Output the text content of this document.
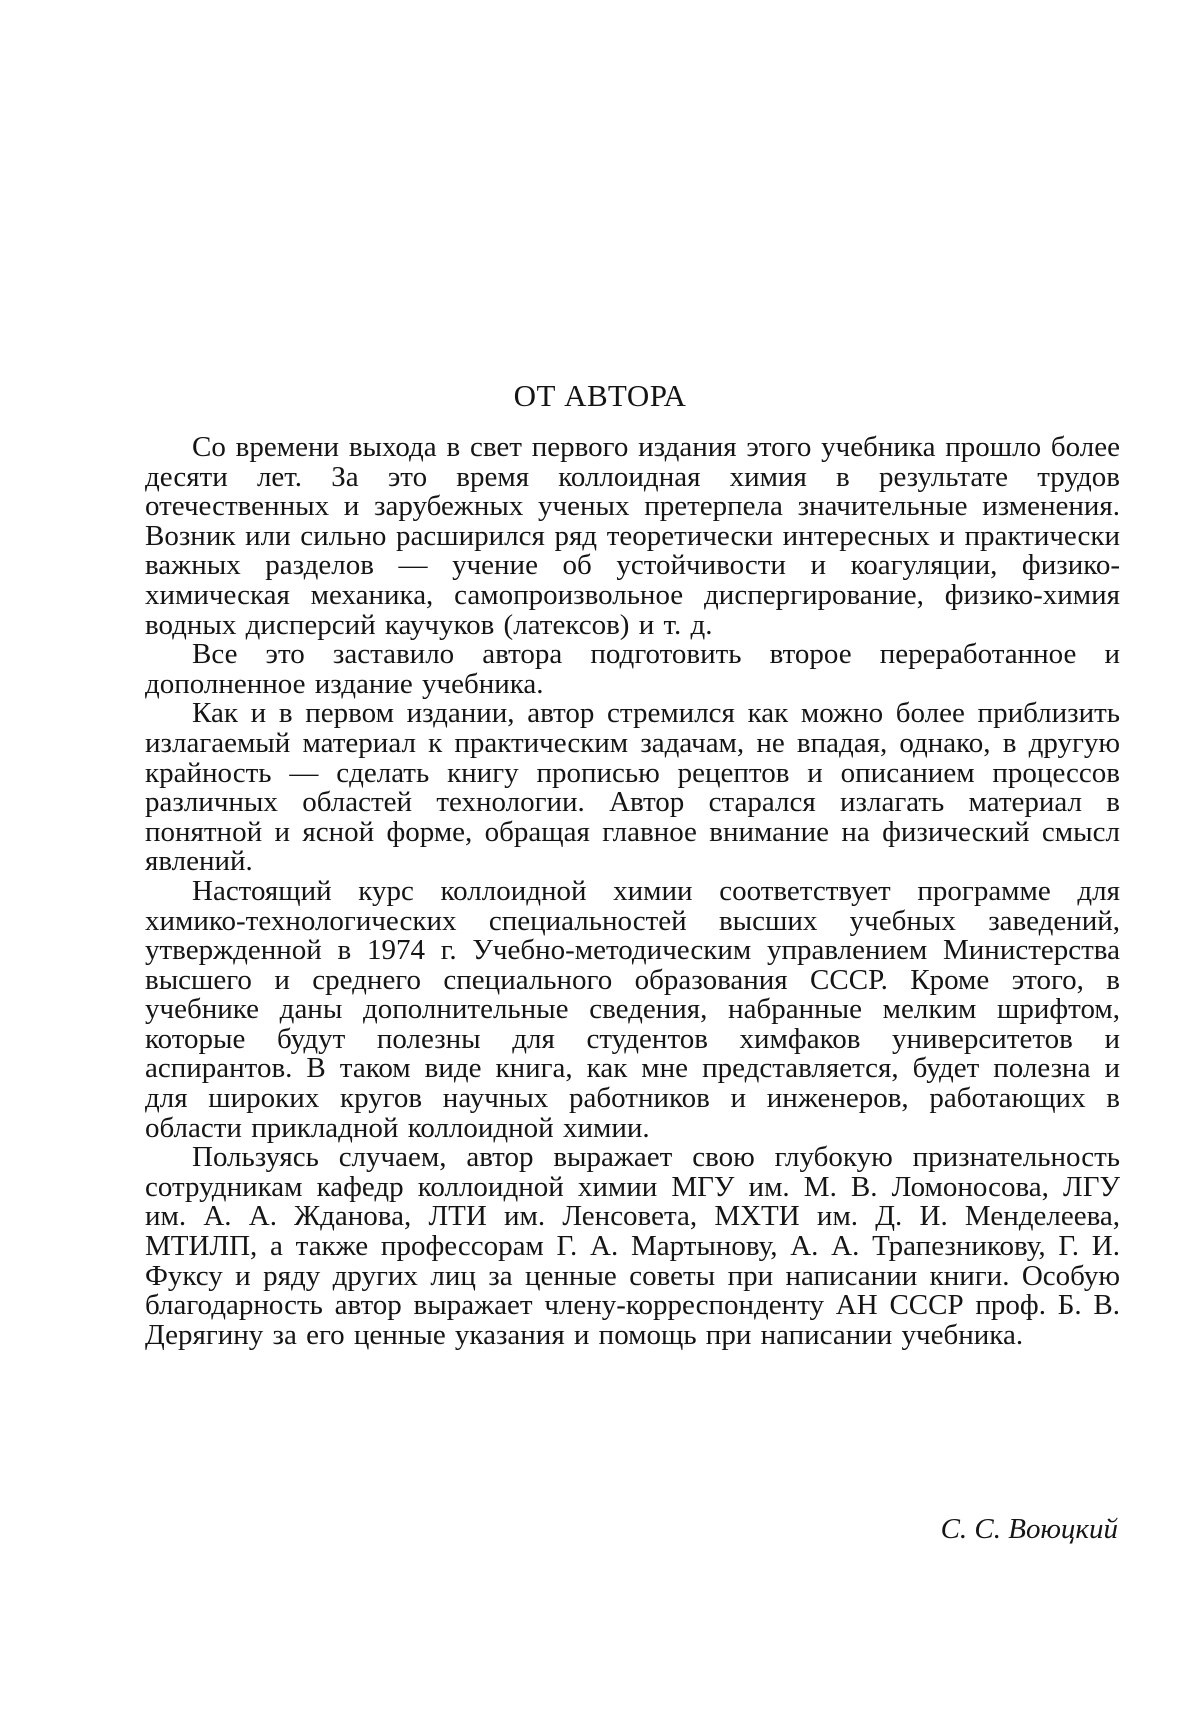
ОТ АВТОРА

Со времени выхода в свет первого издания этого учебника прошло более десяти лет. За это время коллоидная химия в результате трудов отечественных и зарубежных ученых претерпела значительные изменения. Возник или сильно расширился ряд теоретически интересных и практически важных разделов — учение об устойчивости и коагуляции, физико-химическая механика, самопроизвольное диспергирование, физико-химия водных дисперсий каучуков (латексов) и т. д.

Все это заставило автора подготовить второе переработанное и дополненное издание учебника.

Как и в первом издании, автор стремился как можно более приблизить излагаемый материал к практическим задачам, не впадая, однако, в другую крайность — сделать книгу прописью рецептов и описанием процессов различных областей технологии. Автор старался излагать материал в понятной и ясной форме, обращая главное внимание на физический смысл явлений.

Настоящий курс коллоидной химии соответствует программе для химико-технологических специальностей высших учебных заведений, утвержденной в 1974 г. Учебно-методическим управлением Министерства высшего и среднего специального образования СССР. Кроме этого, в учебнике даны дополнительные сведения, набранные мелким шрифтом, которые будут полезны для студентов химфаков университетов и аспирантов. В таком виде книга, как мне представляется, будет полезна и для широких кругов научных работников и инженеров, работающих в области прикладной коллоидной химии.

Пользуясь случаем, автор выражает свою глубокую признательность сотрудникам кафедр коллоидной химии МГУ им. М. В. Ломоносова, ЛГУ им. А. А. Жданова, ЛТИ им. Ленсовета, МХТИ им. Д. И. Менделеева, МТИЛП, а также профессорам Г. А. Мартынову, А. А. Трапезникову, Г. И. Фуксу и ряду других лиц за ценные советы при написании книги. Особую благодарность автор выражает члену-корреспонденту АН СССР проф. Б. В. Дерягину за его ценные указания и помощь при написании учебника.

С. С. Воюцкий
